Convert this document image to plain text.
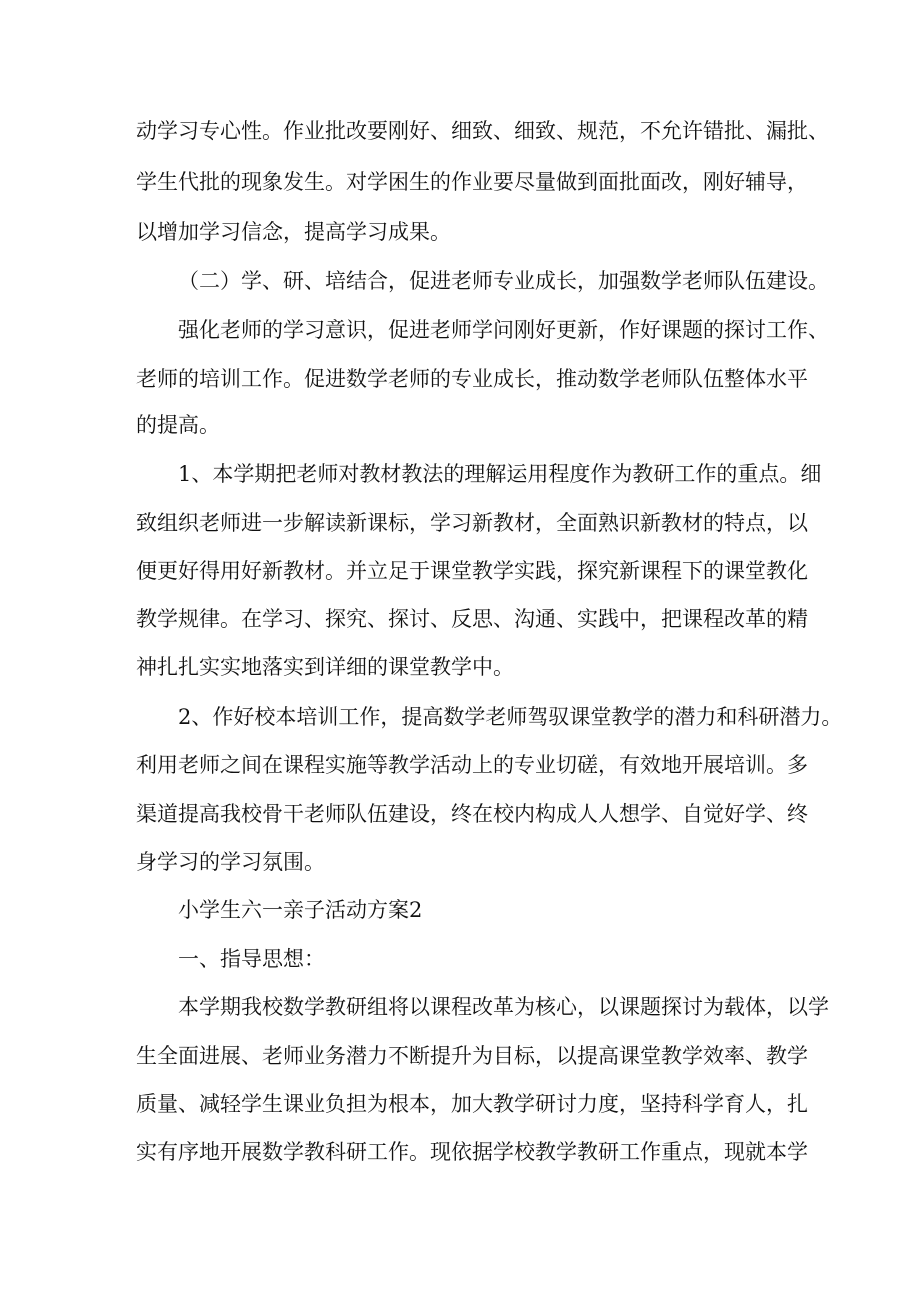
动学习专心性。作业批改要刚好、细致、细致、规范，不允许错批、漏批、

学生代批的现象发生。对学困生的作业要尽量做到面批面改，刚好辅导，

以增加学习信念，提高学习成果。

（二）学、研、培结合，促进老师专业成长，加强数学老师队伍建设。

强化老师的学习意识，促进老师学问刚好更新，作好课题的探讨工作、

老师的培训工作。促进数学老师的专业成长，推动数学老师队伍整体水平

的提高。

1、本学期把老师对教材教法的理解运用程度作为教研工作的重点。细

致组织老师进一步解读新课标，学习新教材，全面熟识新教材的特点，以

便更好得用好新教材。并立足于课堂教学实践，探究新课程下的课堂教化

教学规律。在学习、探究、探讨、反思、沟通、实践中，把课程改革的精

神扎扎实实地落实到详细的课堂教学中。

2、作好校本培训工作，提高数学老师驾驭课堂教学的潜力和科研潜力。

利用老师之间在课程实施等教学活动上的专业切磋，有效地开展培训。多

渠道提高我校骨干老师队伍建设，终在校内构成人人想学、自觉好学、终

身学习的学习氛围。

小学生六一亲子活动方案2

一、指导思想：

本学期我校数学教研组将以课程改革为核心，以课题探讨为载体，以学

生全面进展、老师业务潜力不断提升为目标，以提高课堂教学效率、教学

质量、减轻学生课业负担为根本，加大教学研讨力度，坚持科学育人，扎

实有序地开展数学教科研工作。现依据学校教学教研工作重点，现就本学
